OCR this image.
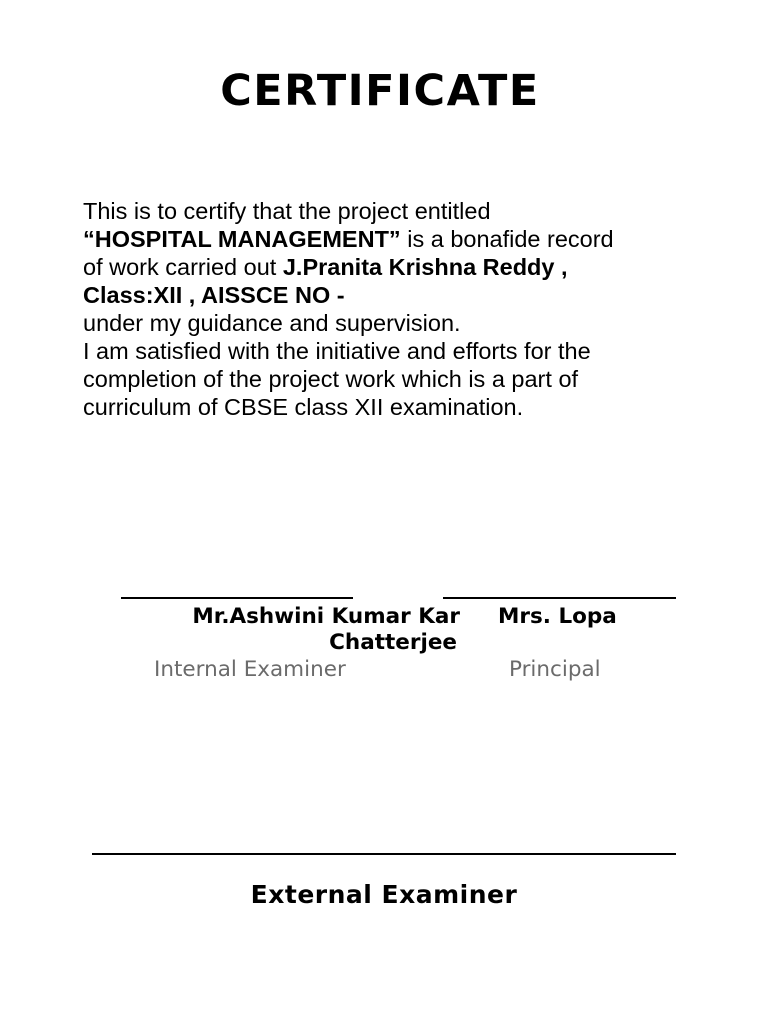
CERTIFICATE
This is to certify that the project entitled
“HOSPITAL MANAGEMENT” is a bonafide record
of work carried out J.Pranita Krishna Reddy ,
Class:XII , AISSCE NO -
under my guidance and supervision.
I am satisfied with the initiative and efforts for the
completion of the project work which is a part of
curriculum of CBSE class XII examination.
Mr.Ashwini Kumar Kar Mrs. Lopa
Chatterjee
Internal Examiner	Principal
External Examiner
